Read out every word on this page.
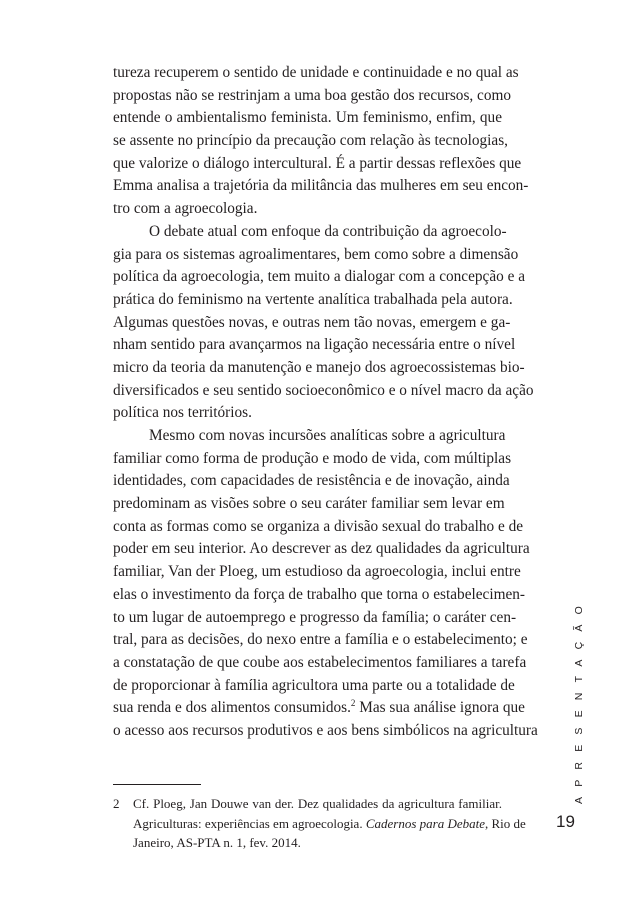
tureza recuperem o sentido de unidade e continuidade e no qual as
propostas não se restrinjam a uma boa gestão dos recursos, como
entende o ambientalismo feminista. Um feminismo, enfim, que
se assente no princípio da precaução com relação às tecnologias,
que valorize o diálogo intercultural. É a partir dessas reflexões que
Emma analisa a trajetória da militância das mulheres em seu encon-
tro com a agroecologia.
O debate atual com enfoque da contribuição da agroecolo-
gia para os sistemas agroalimentares, bem como sobre a dimensão
política da agroecologia, tem muito a dialogar com a concepção e a
prática do feminismo na vertente analítica trabalhada pela autora.
Algumas questões novas, e outras nem tão novas, emergem e ga-
nham sentido para avançarmos na ligação necessária entre o nível
micro da teoria da manutenção e manejo dos agroecossistemas bio-
diversificados e seu sentido socioeconômico e o nível macro da ação
política nos territórios.
Mesmo com novas incursões analíticas sobre a agricultura
familiar como forma de produção e modo de vida, com múltiplas
identidades, com capacidades de resistência e de inovação, ainda
predominam as visões sobre o seu caráter familiar sem levar em
conta as formas como se organiza a divisão sexual do trabalho e de
poder em seu interior. Ao descrever as dez qualidades da agricultura
familiar, Van der Ploeg, um estudioso da agroecologia, inclui entre
elas o investimento da força de trabalho que torna o estabelecimen-
to um lugar de autoemprego e progresso da família; o caráter cen-
tral, para as decisões, do nexo entre a família e o estabelecimento; e
a constatação de que coube aos estabelecimentos familiares a tarefa
de proporcionar à família agricultora uma parte ou a totalidade de
sua renda e dos alimentos consumidos.$^2$ Mas sua análise ignora que
o acesso aos recursos produtivos e aos bens simbólicos na agricultura
2 Cf. Ploeg, Jan Douwe van der. Dez qualidades da agricultura familiar.
Agriculturas: experiências em agroecologia. Cadernos para Debate, Rio de
Janeiro, AS-PTA n. 1, fev. 2014.
APRESENTAÇÃO
19
